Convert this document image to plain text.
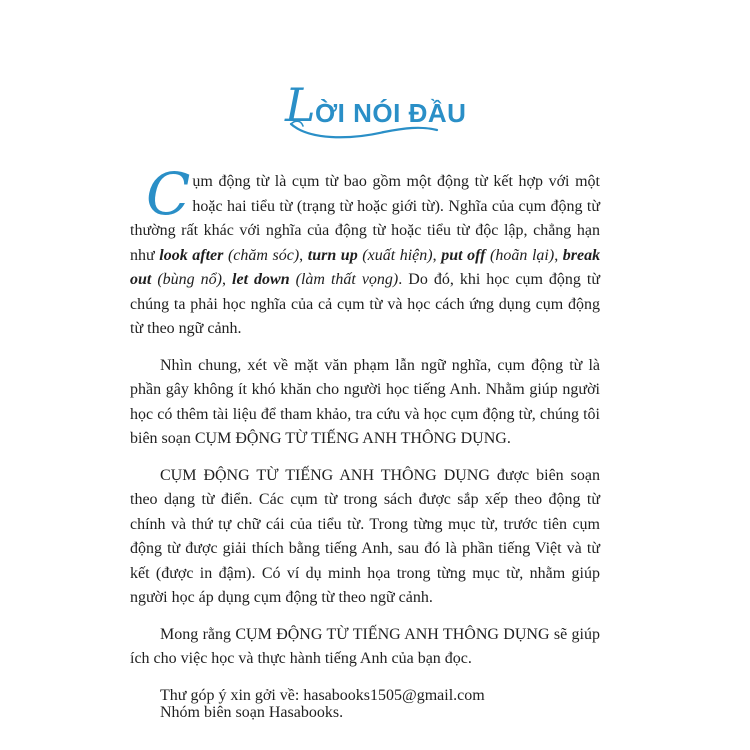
L ỜI NÓI ĐẦU

Cụm động từ là cụm từ bao gồm một động từ kết hợp với một hoặc hai tiểu từ (trạng từ hoặc giới từ). Nghĩa của cụm động từ thường rất khác với nghĩa của động từ hoặc tiểu từ độc lập, chẳng hạn như look after (chăm sóc), turn up (xuất hiện), put off (hoãn lại), break out (bùng nổ), let down (làm thất vọng). Do đó, khi học cụm động từ chúng ta phải học nghĩa của cả cụm từ và học cách ứng dụng cụm động từ theo ngữ cảnh.

Nhìn chung, xét về mặt văn phạm lẫn ngữ nghĩa, cụm động từ là phần gây không ít khó khăn cho người học tiếng Anh. Nhằm giúp người học có thêm tài liệu để tham khảo, tra cứu và học cụm động từ, chúng tôi biên soạn CỤM ĐỘNG TỪ TIẾNG ANH THÔNG DỤNG.

CỤM ĐỘNG TỪ TIẾNG ANH THÔNG DỤNG được biên soạn theo dạng từ điển. Các cụm từ trong sách được sắp xếp theo động từ chính và thứ tự chữ cái của tiểu từ. Trong từng mục từ, trước tiên cụm động từ được giải thích bằng tiếng Anh, sau đó là phần tiếng Việt và từ kết (được in đậm). Có ví dụ minh họa trong từng mục từ, nhằm giúp người học áp dụng cụm động từ theo ngữ cảnh.

Mong rằng CỤM ĐỘNG TỪ TIẾNG ANH THÔNG DỤNG sẽ giúp ích cho việc học và thực hành tiếng Anh của bạn đọc.

Thư góp ý xin gởi về: hasabooks1505@gmail.com

Nhóm biên soạn Hasabooks.
